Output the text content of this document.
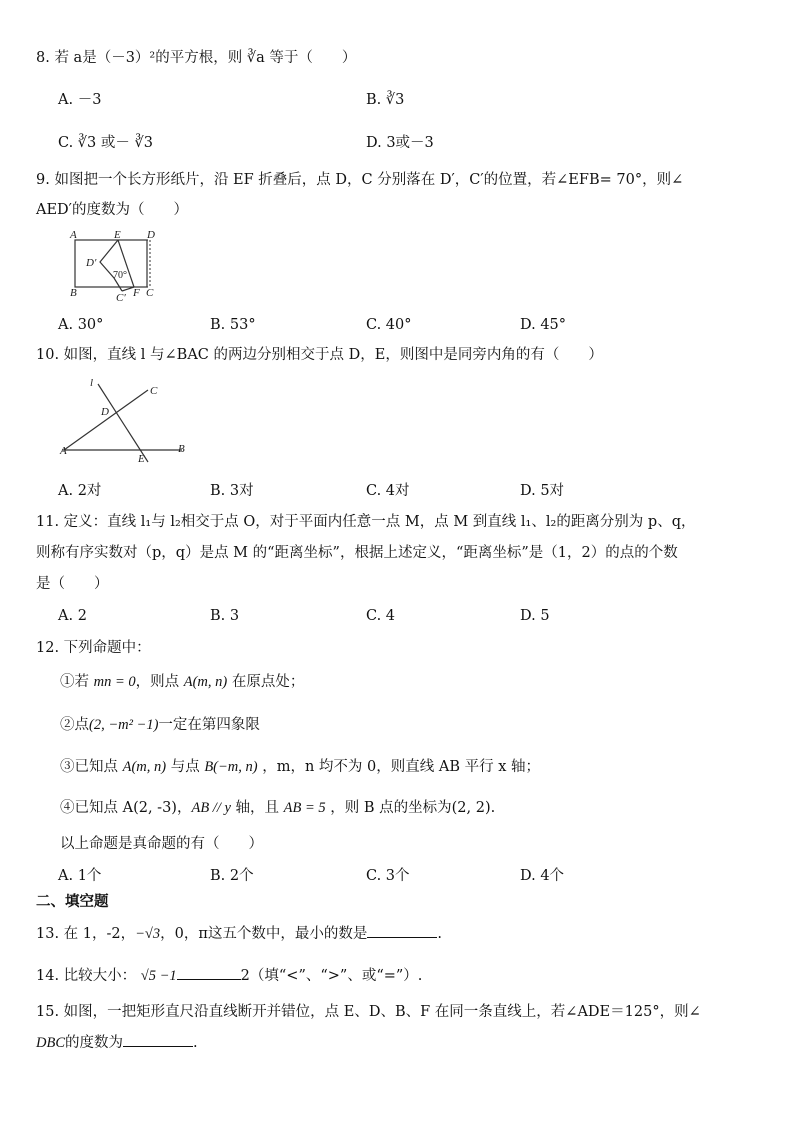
8. 若 a是（－3）²的平方根，则 ∛a 等于（　　）
A. －3	B. ∛3
C. ∛3 或－ ∛3	D. 3或－3
9. 如图把一个长方形纸片，沿 EF 折叠后，点 D，C 分别落在 D′，C′的位置，若∠EFB= 70°，则∠
AED′的度数为（　　）
A	E D
D′
70°
B	F C
C′
A. 30°	B. 53°	C. 40°	D. 45°
10. 如图，直线 l 与∠BAC 的两边分别相交于点 D，E，则图中是同旁内角的有（　　）
l
C
D
A
E
B
A. 2对	B. 3对	C. 4对	D. 5对
11. 定义：直线 l₁与 l₂相交于点 O，对于平面内任意一点 M，点 M 到直线 l₁、l₂的距离分别为 p、q，
则称有序实数对（p，q）是点 M 的“距离坐标”，根据上述定义，“距离坐标”是（1，2）的点的个数
是（　　）
A. 2	B. 3	C. 4	D. 5
12. 下列命题中：
①若 mn = 0，则点 A(m, n) 在原点处；
②点(2, −m² −1)一定在第四象限
③已知点 A(m, n) 与点 B(−m, n) ，m，n 均不为 0，则直线 AB 平行 x 轴；
④已知点 A(2, -3)，AB // y 轴，且 AB = 5 ，则 B 点的坐标为(2, 2).
以上命题是真命题的有（　　）
A. 1个	B. 2个	C. 3个	D. 4个
二、填空题
13. 在 1，-2，−√3，0，π这五个数中，最小的数是	.
14. 比较大小： √5 −1	2（填“<”、“>”、或“=”）.
15. 如图，一把矩形直尺沿直线断开并错位，点 E、D、B、F 在同一条直线上，若∠ADE＝125°，则∠
DBC的度数为	.
